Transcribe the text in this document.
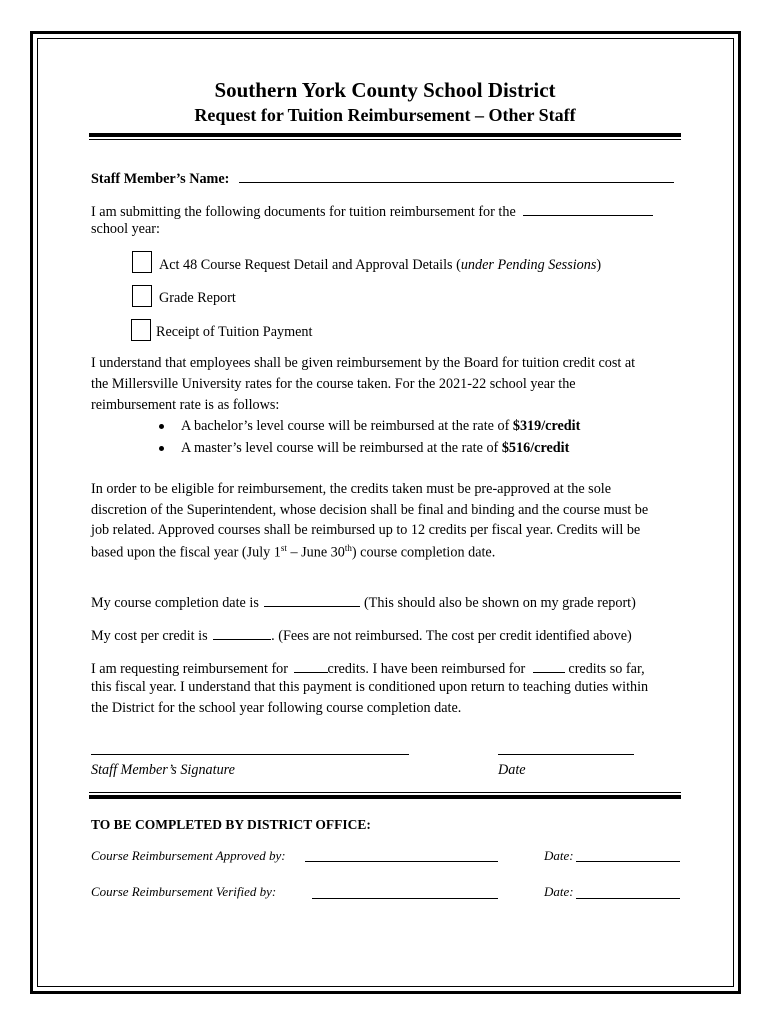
Southern York County School District
Request for Tuition Reimbursement – Other Staff
Staff Member’s Name:
I am submitting the following documents for tuition reimbursement for the
school year:
Act 48 Course Request Detail and Approval Details (under Pending Sessions)
Grade Report
Receipt of Tuition Payment
I understand that employees shall be given reimbursement by the Board for tuition credit cost at
the Millersville University rates for the course taken. For the 2021-22 school year the
reimbursement rate is as follows:
A bachelor’s level course will be reimbursed at the rate of $319/credit
A master’s level course will be reimbursed at the rate of $516/credit
In order to be eligible for reimbursement, the credits taken must be pre-approved at the sole
discretion of the Superintendent, whose decision shall be final and binding and the course must be
job related. Approved courses shall be reimbursed up to 12 credits per fiscal year. Credits will be
based upon the fiscal year (July 1st – June 30th) course completion date.
My course completion date is	(This should also be shown on my grade report)
My cost per credit is	. (Fees are not reimbursed. The cost per credit identified above)
I am requesting reimbursement for	credits. I have been reimbursed for	credits so far,
this fiscal year. I understand that this payment is conditioned upon return to teaching duties within
the District for the school year following course completion date.
Staff Member’s Signature	Date
TO BE COMPLETED BY DISTRICT OFFICE:
Course Reimbursement Approved by:	Date:
Course Reimbursement Verified by:	Date:
